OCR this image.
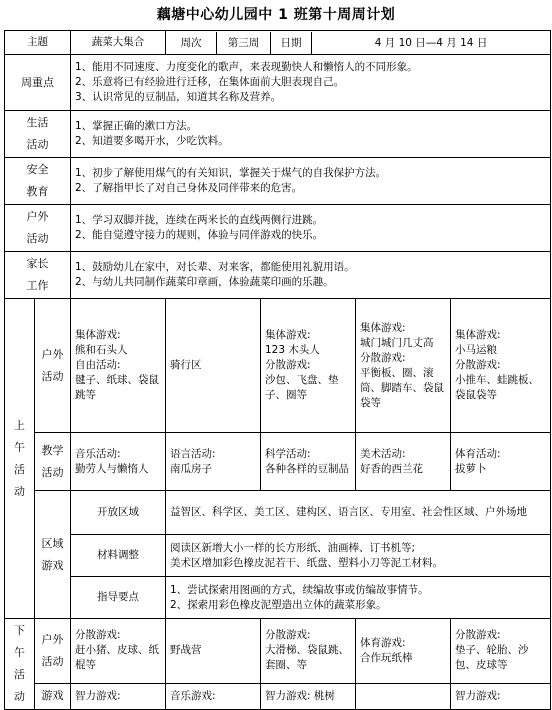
藕塘中心幼儿园中 1 班第十周周计划
主题		蔬菜大集合	周次 第三周 日期 4 月 10 日—4 月 14 日			

周重点		1、能用不同速度、力度变化的歌声，来表现勤快人和懒惰人的不同形象。
2、乐意将已有经验进行迁移，在集体面前大胆表现自己。
3、认识常见的豆制品，知道其名称及营养。				

生活
活动		1、掌握正确的漱口方法。
2、知道要多喝开水，少吃饮料。				

安全
教育		1、初步了解使用煤气的有关知识，掌握关于煤气的自我保护方法。
2、了解指甲长了对自己身体及同伴带来的危害。				

户外
活动		1、学习双脚并拢，连续在两米长的直线两侧行进跳。
2、能自觉遵守接力的规则，体验与同伴游戏的快乐。				

家长
工作		1、鼓励幼儿在家中，对长辈、对来客，都能使用礼貌用语。
2、与幼儿共同制作蔬菜印章画，体验蔬菜印画的乐趣。				

上
午
活
动	户外
活动	集体游戏:
熊和石头人
自由活动:
毽子、纸球、袋鼠跳等	骑行区	集体游戏:
123 木头人
分散游戏:
沙包、飞盘、垫子、圈等	集体游戏:
城门城门几丈高
分散游戏:
平衡板、圈、滚筒、脚踏车、袋鼠袋等	集体游戏:
小马运粮
分散游戏:
小推车、蛙跳板、袋鼠袋等
	教学
活动	音乐活动:
勤劳人与懒惰人	语言活动:
南瓜房子	科学活动:
各种各样的豆制品	美术活动:
好香的西兰花	体育活动:
拔萝卜
	区域
游戏	开放区域	益智区、科学区、美工区、建构区、语言区、专用室、社会性区域、户外场地			

		材料调整	阅读区新增大小一样的长方形纸、油画棒、订书机等;
美术区增加彩色橡皮泥若干、纸盘、塑料小刀等泥工材料。			

		指导要点	1、尝试探索用图画的方式，续编故事或仿编故事情节。
2、探索用彩色橡皮泥塑造出立体的蔬菜形象。			

下
午
活
动	户外
活动	分散游戏:
赶小猪、皮球、纸棍等	野战营	分散游戏:
大滑梯、袋鼠跳、套圈、等	体育游戏:
合作玩纸棒	分散游戏:
垫子、轮胎、沙包、皮球等
	游戏	智力游戏:	音乐游戏:	智力游戏: 桃树		智力游戏:
